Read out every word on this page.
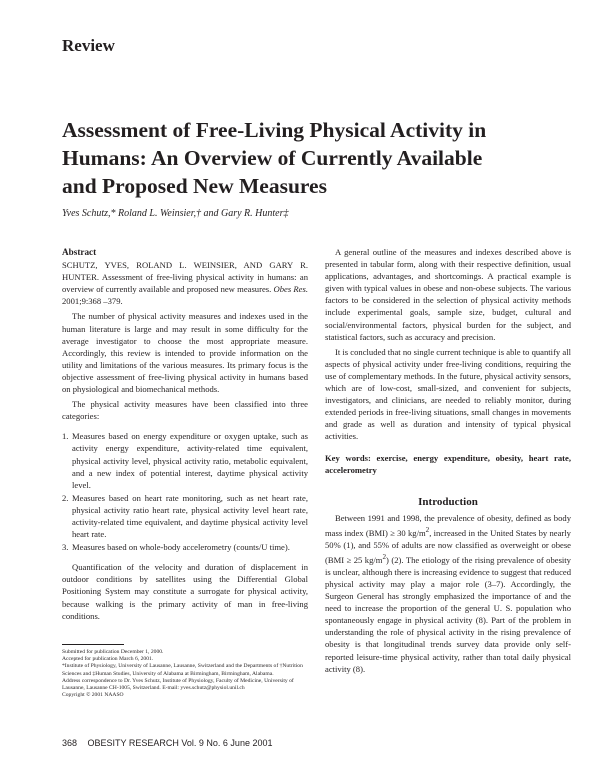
Review
Assessment of Free-Living Physical Activity in
Humans: An Overview of Currently Available
and Proposed New Measures
Yves Schutz,* Roland L. Weinsier,† and Gary R. Hunter‡
Abstract
SCHUTZ, YVES, ROLAND L. WEINSIER, AND GARY R. HUNTER. Assessment of free-living physical activity in humans: an overview of currently available and proposed new measures. Obes Res. 2001;9:368 –379.
The number of physical activity measures and indexes used in the human literature is large and may result in some difficulty for the average investigator to choose the most appropriate measure. Accordingly, this review is intended to provide information on the utility and limitations of the various measures. Its primary focus is the objective assessment of free-living physical activity in humans based on physiological and biomechanical methods.
The physical activity measures have been classified into three categories:
1. Measures based on energy expenditure or oxygen uptake, such as activity energy expenditure, activity-related time equivalent, physical activity level, physical activity ratio, metabolic equivalent, and a new index of potential interest, daytime physical activity level.
2. Measures based on heart rate monitoring, such as net heart rate, physical activity ratio heart rate, physical activity level heart rate, activity-related time equivalent, and daytime physical activity level heart rate.
3. Measures based on whole-body accelerometry (counts/U time).
Quantification of the velocity and duration of displacement in outdoor conditions by satellites using the Differential Global Positioning System may constitute a surrogate for physical activity, because walking is the primary activity of man in free-living conditions.
A general outline of the measures and indexes described above is presented in tabular form, along with their respective definition, usual applications, advantages, and shortcomings. A practical example is given with typical values in obese and non-obese subjects. The various factors to be considered in the selection of physical activity methods include experimental goals, sample size, budget, cultural and social/environmental factors, physical burden for the subject, and statistical factors, such as accuracy and precision.
It is concluded that no single current technique is able to quantify all aspects of physical activity under free-living conditions, requiring the use of complementary methods. In the future, physical activity sensors, which are of low-cost, small-sized, and convenient for subjects, investigators, and clinicians, are needed to reliably monitor, during extended periods in free-living situations, small changes in movements and grade as well as duration and intensity of typical physical activities.
Key words: exercise, energy expenditure, obesity, heart rate, accelerometry
Introduction
Between 1991 and 1998, the prevalence of obesity, defined as body mass index (BMI) ≥ 30 $kg/m^2$, increased in the United States by nearly 50% (1), and 55% of adults are now classified as overweight or obese (BMI ≥ 25 $kg/m^2$) (2). The etiology of the rising prevalence of obesity is unclear, although there is increasing evidence to suggest that reduced physical activity may play a major role (3–7). Accordingly, the Surgeon General has strongly emphasized the importance of and the need to increase the proportion of the general U. S. population who spontaneously engage in physical activity (8). Part of the problem in understanding the role of physical activity in the rising prevalence of obesity is that longitudinal trends survey data provide only self-reported leisure-time physical activity, rather than total daily physical activity (8).
Submitted for publication December 1, 2000.
Accepted for publication March 6, 2001.
*Institute of Physiology, University of Lausanne, Lausanne, Switzerland and the Departments of †Nutrition Sciences and ‡Human Studies, University of Alabama at Birmingham, Birmingham, Alabama.
Address correspondence to Dr. Yves Schutz, Institute of Physiology, Faculty of Medicine, University of Lausanne, Lausanne CH-1005, Switzerland. E-mail: yves.schutz@physiol.unil.ch
Copyright © 2001 NAASO
368 OBESITY RESEARCH Vol. 9 No. 6 June 2001
